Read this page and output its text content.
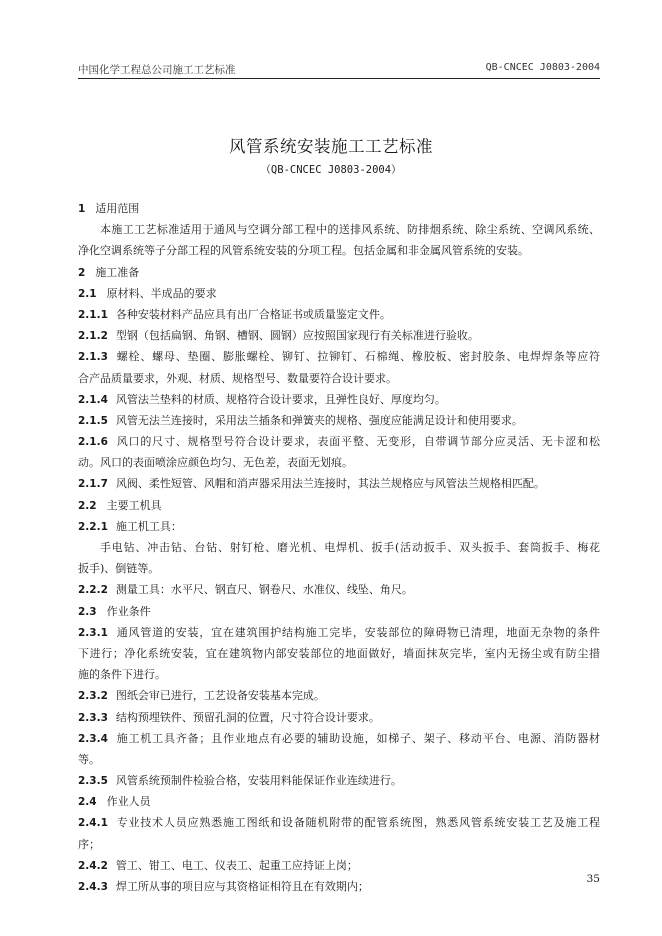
中国化学工程总公司施工工艺标准	QB-CNCEC J0803-2004
风管系统安装施工工艺标准
（QB-CNCEC J0803-2004）
1 适用范围
本施工工艺标准适用于通风与空调分部工程中的送排风系统、防排烟系统、除尘系统、空调风系统、
净化空调系统等子分部工程的风管系统安装的分项工程。包括金属和非金属风管系统的安装。
2 施工准备
2.1 原材料、半成品的要求
2.1.1 各种安装材料产品应具有出厂合格证书或质量鉴定文件。
2.1.2 型钢（包括扁钢、角钢、槽钢、圆钢）应按照国家现行有关标准进行验收。
2.1.3 螺栓、螺母、垫圈、膨胀螺栓、铆钉、拉铆钉、石棉绳、橡胶板、密封胶条、电焊焊条等应符
合产品质量要求，外观、材质、规格型号、数量要符合设计要求。
2.1.4 风管法兰垫料的材质、规格符合设计要求，且弹性良好、厚度均匀。
2.1.5 风管无法兰连接时，采用法兰插条和弹簧夹的规格、强度应能满足设计和使用要求。
2.1.6 风口的尺寸、规格型号符合设计要求，表面平整、无变形，自带调节部分应灵活、无卡涩和松
动。风口的表面喷涂应颜色均匀、无色差，表面无划痕。
2.1.7 风阀、柔性短管、风帽和消声器采用法兰连接时，其法兰规格应与风管法兰规格相匹配。
2.2 主要工机具
2.2.1 施工机工具：
手电钻、冲击钻、台钻、射钉枪、磨光机、电焊机、扳手(活动扳手、双头扳手、套筒扳手、梅花
扳手)、倒链等。
2.2.2 测量工具：水平尺、钢直尺、钢卷尺、水准仪、线坠、角尺。
2.3 作业条件
2.3.1 通风管道的安装，宜在建筑围护结构施工完毕，安装部位的障碍物已清理，地面无杂物的条件
下进行；净化系统安装，宜在建筑物内部安装部位的地面做好，墙面抹灰完毕，室内无扬尘或有防尘措
施的条件下进行。
2.3.2 图纸会审已进行，工艺设备安装基本完成。
2.3.3 结构预埋铁件、预留孔洞的位置，尺寸符合设计要求。
2.3.4 施工机工具齐备；且作业地点有必要的辅助设施，如梯子、架子、移动平台、电源、消防器材
等。
2.3.5 风管系统预制件检验合格，安装用料能保证作业连续进行。
2.4 作业人员
2.4.1 专业技术人员应熟悉施工图纸和设备随机附带的配管系统图，熟悉风管系统安装工艺及施工程
序；
2.4.2 管工、钳工、电工、仪表工、起重工应持证上岗；
2.4.3 焊工所从事的项目应与其资格证相符且在有效期内；
35
